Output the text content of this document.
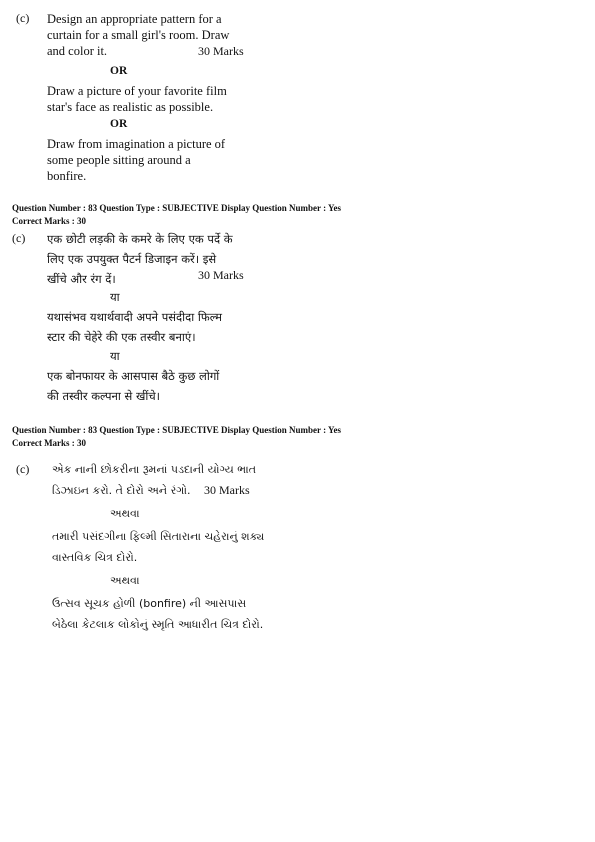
(c) Design an appropriate pattern for a
curtain for a small girl's room. Draw
and color it.	30 Marks
OR
Draw a picture of your favorite film
star's face as realistic as possible.
OR
Draw from imagination a picture of
some people sitting around a
bonfire.
Question Number : 83 Question Type : SUBJECTIVE Display Question Number : Yes
Correct Marks : 30
(c) एक छोटी लड़की के कमरे के लिए एक पर्दे के
लिए एक उपयुक्त पैटर्न डिजाइन करें। इसे
खींचे और रंग दें।	30 Marks
या
यथासंभव यथार्थवादी अपने पसंदीदा फिल्म
स्टार की चेहेरे की एक तस्वीर बनाएं।
या
एक बोनफायर के आसपास बैठे कुछ लोगों
की तस्वीर कल्पना से खींचे।
Question Number : 83 Question Type : SUBJECTIVE Display Question Number : Yes
Correct Marks : 30
(c) એક નાની છોકરીના રૂમનાં પડદાની યોગ્ય ભાત
ડિઝાઇન કરો. તે દોરો અને રંગો. 30 Marks
અથવા
તમારી પસંદગીના ફિલ્મી સિતારાના ચહેરાનું શક્ય
વાસ્તવિક ચિત્ર દોરો.
અથવા
ઉત્સવ સૂચક હોળી (bonfire) ની આસપાસ
બેઠેલા કેટલાક લોકોનું સ્મૃતિ આધારીત ચિત્ર દોરો.
